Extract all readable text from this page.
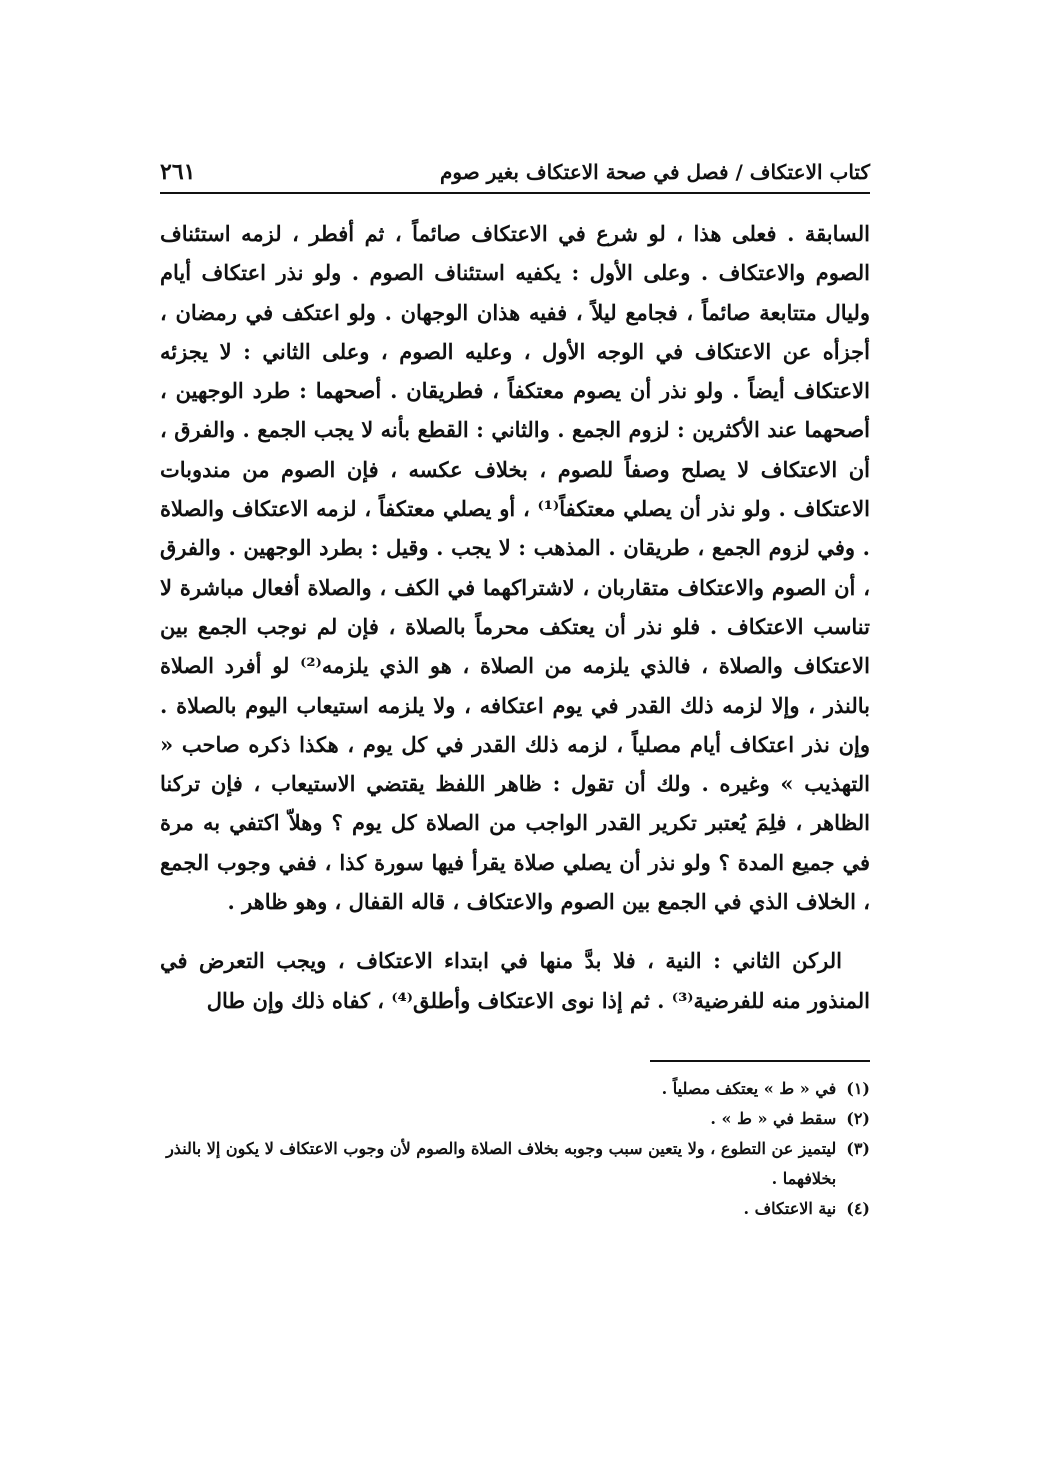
كتاب الاعتكاف / فصل في صحة الاعتكاف بغير صوم
٢٦١

السابقة . فعلى هذا ، لو شرع في الاعتكاف صائماً ، ثم أفطر ، لزمه استئناف الصوم والاعتكاف . وعلى الأول : يكفيه استئناف الصوم . ولو نذر اعتكاف أيام وليال متتابعة صائماً ، فجامع ليلاً ، ففيه هذان الوجهان . ولو اعتكف في رمضان ، أجزأه عن الاعتكاف في الوجه الأول ، وعليه الصوم ، وعلى الثاني : لا يجزئه الاعتكاف أيضاً . ولو نذر أن يصوم معتكفاً ، فطريقان . أصحهما : طرد الوجهين ، أصحهما عند الأكثرين : لزوم الجمع . والثاني : القطع بأنه لا يجب الجمع . والفرق ، أن الاعتكاف لا يصلح وصفاً للصوم ، بخلاف عكسه ، فإن الصوم من مندوبات الاعتكاف . ولو نذر أن يصلي معتكفاً⁽¹⁾ ، أو يصلي معتكفاً ، لزمه الاعتكاف والصلاة . وفي لزوم الجمع ، طريقان . المذهب : لا يجب . وقيل : بطرد الوجهين . والفرق ، أن الصوم والاعتكاف متقاربان ، لاشتراكهما في الكف ، والصلاة أفعال مباشرة لا تناسب الاعتكاف . فلو نذر أن يعتكف محرماً بالصلاة ، فإن لم نوجب الجمع بين الاعتكاف والصلاة ، فالذي يلزمه من الصلاة ، هو الذي يلزمه⁽²⁾ لو أفرد الصلاة بالنذر ، وإلا لزمه ذلك القدر في يوم اعتكافه ، ولا يلزمه استيعاب اليوم بالصلاة . وإن نذر اعتكاف أيام مصلياً ، لزمه ذلك القدر في كل يوم ، هكذا ذكره صاحب « التهذيب » وغيره . ولك أن تقول : ظاهر اللفظ يقتضي الاستيعاب ، فإن تركنا الظاهر ، فلِمَ يُعتبر تكرير القدر الواجب من الصلاة كل يوم ؟ وهلاّ اكتفي به مرة في جميع المدة ؟ ولو نذر أن يصلي صلاة يقرأ فيها سورة كذا ، ففي وجوب الجمع ، الخلاف الذي في الجمع بين الصوم والاعتكاف ، قاله القفال ، وهو ظاهر .

الركن الثاني : النية ، فلا بدَّ منها في ابتداء الاعتكاف ، ويجب التعرض في المنذور منه للفرضية⁽³⁾ . ثم إذا نوى الاعتكاف وأطلق⁽⁴⁾ ، كفاه ذلك وإن طال

(١)
في « ط » يعتكف مصلياً .
(٢)
سقط في « ط » .
(٣)
ليتميز عن التطوع ، ولا يتعين سبب وجوبه بخلاف الصلاة والصوم لأن وجوب الاعتكاف لا يكون إلا بالنذر بخلافهما .
(٤)
نية الاعتكاف .
